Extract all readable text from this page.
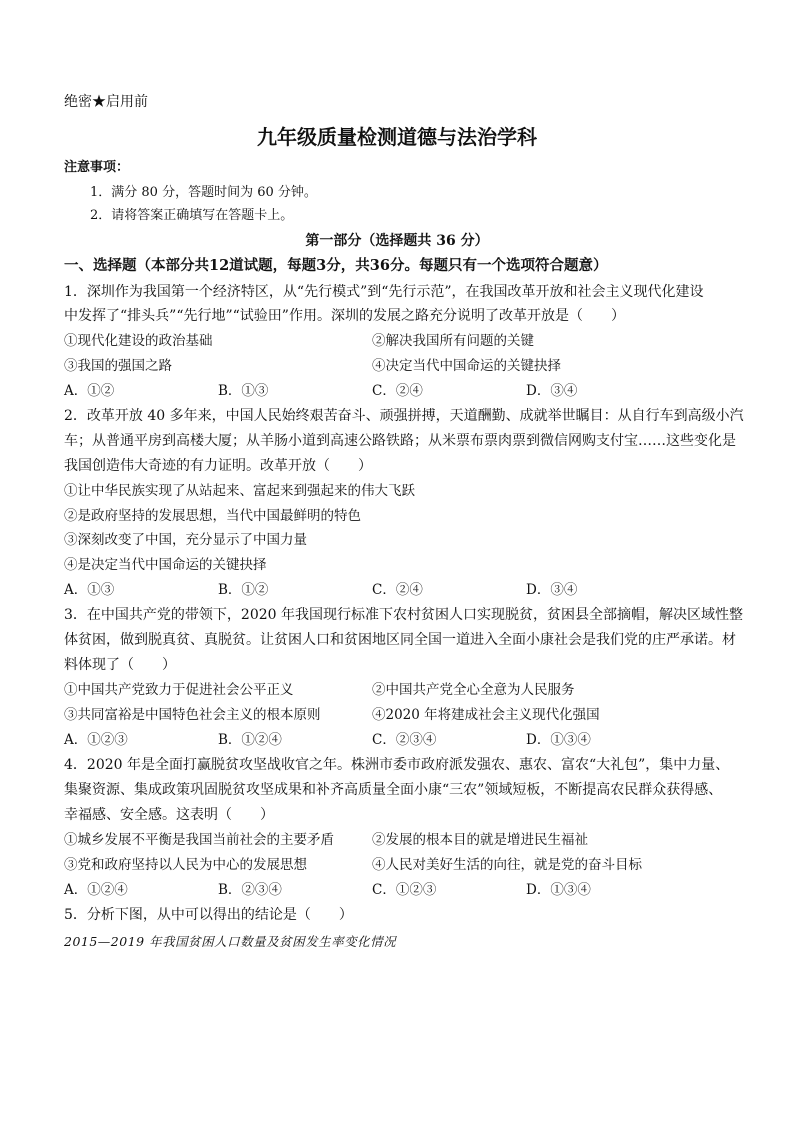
绝密★启用前
九年级质量检测道德与法治学科
注意事项：
1．满分 80 分，答题时间为 60 分钟。
2．请将答案正确填写在答题卡上。
第一部分（选择题共 36 分）
一、选择题（本部分共12道试题，每题3分，共36分。每题只有一个选项符合题意）
1．深圳作为我国第一个经济特区，从“先行模式”到“先行示范”，在我国改革开放和社会主义现代化建设
中发挥了“排头兵”“先行地”“试验田”作用。深圳的发展之路充分说明了改革开放是（　　）
①现代化建设的政治基础	②解决我国所有问题的关键
③我国的强国之路	④决定当代中国命运的关键抉择
A．①②	B．①③	C．②④	D．③④
2．改革开放 40 多年来，中国人民始终艰苦奋斗、顽强拼搏，天道酬勤、成就举世瞩目：从自行车到高级小汽
车；从普通平房到高楼大厦；从羊肠小道到高速公路铁路；从米票布票肉票到微信网购支付宝……这些变化是
我国创造伟大奇迹的有力证明。改革开放（　　）
①让中华民族实现了从站起来、富起来到强起来的伟大飞跃
②是政府坚持的发展思想，当代中国最鲜明的特色
③深刻改变了中国，充分显示了中国力量
④是决定当代中国命运的关键抉择
A．①③	B．①②	C．②④	D．③④
3．在中国共产党的带领下，2020 年我国现行标准下农村贫困人口实现脱贫，贫困县全部摘帽，解决区域性整
体贫困，做到脱真贫、真脱贫。让贫困人口和贫困地区同全国一道进入全面小康社会是我们党的庄严承诺。材
料体现了（　　）
①中国共产党致力于促进社会公平正义	②中国共产党全心全意为人民服务
③共同富裕是中国特色社会主义的根本原则	④2020 年将建成社会主义现代化强国
A．①②③	B．①②④	C．②③④	D．①③④
4．2020 年是全面打赢脱贫攻坚战收官之年。株洲市委市政府派发强农、惠农、富农“大礼包”，集中力量、
集聚资源、集成政策巩固脱贫攻坚成果和补齐高质量全面小康“三农”领域短板，不断提高农民群众获得感、
幸福感、安全感。这表明（　　）
①城乡发展不平衡是我国当前社会的主要矛盾	②发展的根本目的就是增进民生福祉
③党和政府坚持以人民为中心的发展思想	④人民对美好生活的向往，就是党的奋斗目标
A．①②④	B．②③④	C．①②③	D．①③④
5．分析下图，从中可以得出的结论是（　　）
2015—2019 年我国贫困人口数量及贫困发生率变化情况
